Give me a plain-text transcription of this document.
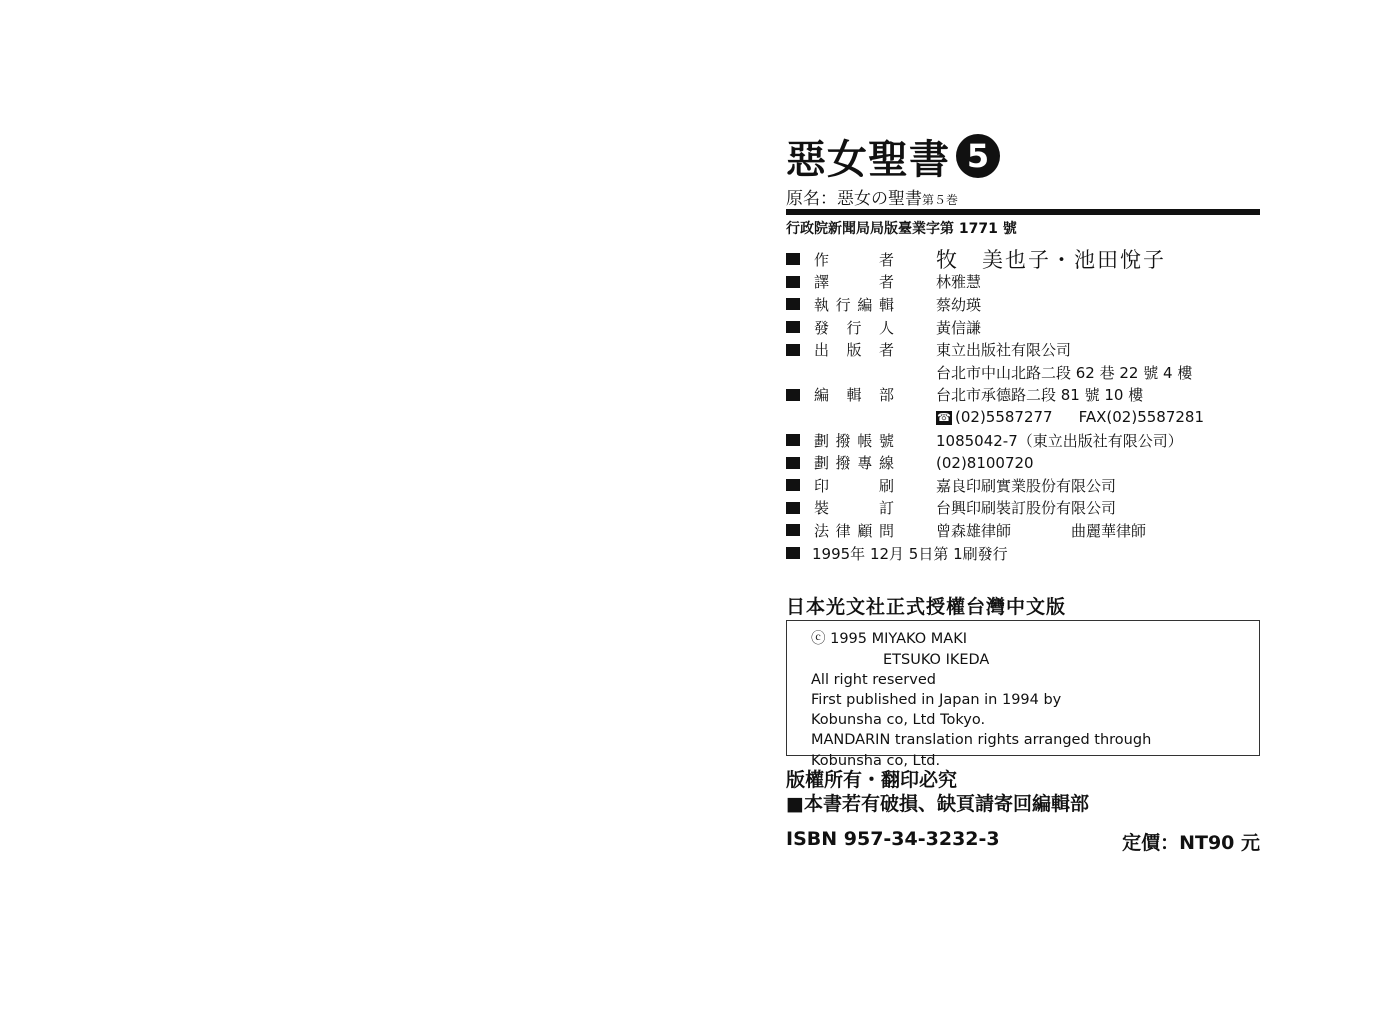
惡女聖書 5
原名：惡女の聖書第５巻
行政院新聞局局版臺業字第 1771 號
作	者 牧　美也子・池田悅子
譯	者	林雅慧
執 行 編 輯	蔡幼瑛
發 行 人	黃信謙
出 版 者	東立出版社有限公司
台北市中山北路二段 62 巷 22 號 4 樓
編 輯 部	台北市承德路二段 81 號 10 樓
☎ (02)5587277 FAX(02)5587281
劃 撥 帳 號	1085042-7（東立出版社有限公司）
劃 撥 專 線	(02)8100720
印	刷	嘉良印刷實業股份有限公司
裝	訂	台興印刷裝訂股份有限公司
法 律 顧 問	曾森雄律師	曲麗華律師
1995年 12月 5日第 1刷發行
日本光文社正式授權台灣中文版
ⓒ 1995 MIYAKO MAKI
ETSUKO IKEDA
All right reserved
First published in Japan in 1994 by
Kobunsha co, Ltd Tokyo.
MANDARIN translation rights arranged through
Kobunsha co, Ltd.
版權所有・翻印必究
■本書若有破損、缺頁請寄回編輯部
ISBN 957-34-3232-3	定價：NT90 元
